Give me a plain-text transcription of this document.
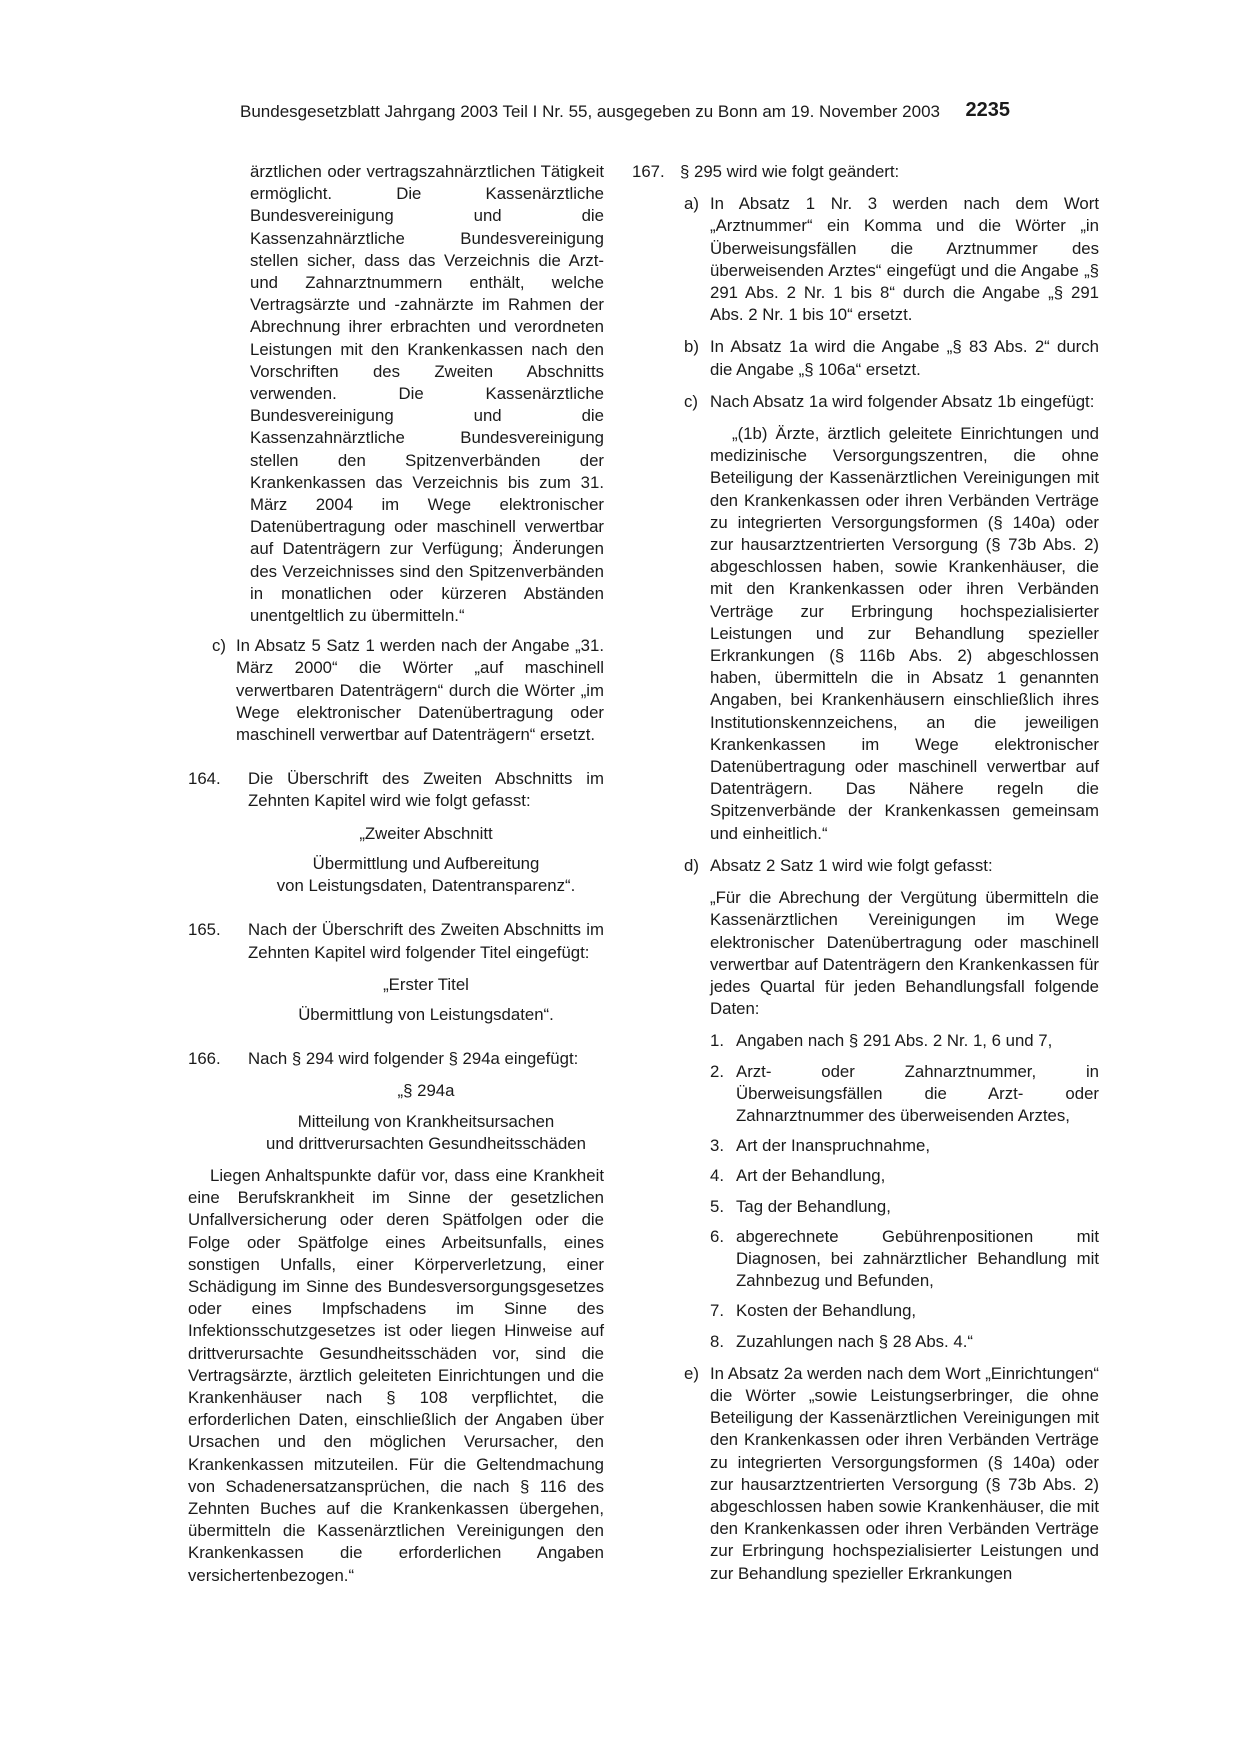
Bundesgesetzblatt Jahrgang 2003 Teil I Nr. 55, ausgegeben zu Bonn am 19. November 2003 2235

ärztlichen oder vertragszahnärztlichen Tätigkeit ermöglicht. Die Kassenärztliche Bundesvereinigung und die Kassenzahnärztliche Bundesvereinigung stellen sicher, dass das Verzeichnis die Arzt- und Zahnarztnummern enthält, welche Vertragsärzte und -zahnärzte im Rahmen der Abrechnung ihrer erbrachten und verordneten Leistungen mit den Krankenkassen nach den Vorschriften des Zweiten Abschnitts verwenden. Die Kassenärztliche Bundesvereinigung und die Kassenzahnärztliche Bundesvereinigung stellen den Spitzenverbänden der Krankenkassen das Verzeichnis bis zum 31. März 2004 im Wege elektronischer Datenübertragung oder maschinell verwertbar auf Datenträgern zur Verfügung; Änderungen des Verzeichnisses sind den Spitzenverbänden in monatlichen oder kürzeren Abständen unentgeltlich zu übermitteln.“

c) In Absatz 5 Satz 1 werden nach der Angabe „31. März 2000“ die Wörter „auf maschinell verwertbaren Datenträgern“ durch die Wörter „im Wege elektronischer Datenübertragung oder maschinell verwertbar auf Datenträgern“ ersetzt.

164. Die Überschrift des Zweiten Abschnitts im Zehnten Kapitel wird wie folgt gefasst:

„Zweiter Abschnitt

Übermittlung und Aufbereitung

von Leistungsdaten, Datentransparenz“.

165. Nach der Überschrift des Zweiten Abschnitts im Zehnten Kapitel wird folgender Titel eingefügt:

„Erster Titel

Übermittlung von Leistungsdaten“.

166. Nach § 294 wird folgender § 294a eingefügt:

„§ 294a

Mitteilung von Krankheitsursachen

und drittverursachten Gesundheitsschäden

Liegen Anhaltspunkte dafür vor, dass eine Krankheit eine Berufskrankheit im Sinne der gesetzlichen Unfallversicherung oder deren Spätfolgen oder die Folge oder Spätfolge eines Arbeitsunfalls, eines sonstigen Unfalls, einer Körperverletzung, einer Schädigung im Sinne des Bundesversorgungsgesetzes oder eines Impfschadens im Sinne des Infektionsschutzgesetzes ist oder liegen Hinweise auf drittverursachte Gesundheitsschäden vor, sind die Vertragsärzte, ärztlich geleiteten Einrichtungen und die Krankenhäuser nach § 108 verpflichtet, die erforderlichen Daten, einschließlich der Angaben über Ursachen und den möglichen Verursacher, den Krankenkassen mitzuteilen. Für die Geltendmachung von Schadenersatzansprüchen, die nach § 116 des Zehnten Buches auf die Krankenkassen übergehen, übermitteln die Kassenärztlichen Vereinigungen den Krankenkassen die erforderlichen Angaben versichertenbezogen.“

167. § 295 wird wie folgt geändert:

a) In Absatz 1 Nr. 3 werden nach dem Wort „Arztnummer“ ein Komma und die Wörter „in Überweisungsfällen die Arztnummer des überweisenden Arztes“ eingefügt und die Angabe „§ 291 Abs. 2 Nr. 1 bis 8“ durch die Angabe „§ 291 Abs. 2 Nr. 1 bis 10“ ersetzt.

b) In Absatz 1a wird die Angabe „§ 83 Abs. 2“ durch die Angabe „§ 106a“ ersetzt.

c) Nach Absatz 1a wird folgender Absatz 1b eingefügt:

„(1b) Ärzte, ärztlich geleitete Einrichtungen und medizinische Versorgungszentren, die ohne Beteiligung der Kassenärztlichen Vereinigungen mit den Krankenkassen oder ihren Verbänden Verträge zu integrierten Versorgungsformen (§ 140a) oder zur hausarztzentrierten Versorgung (§ 73b Abs. 2) abgeschlossen haben, sowie Krankenhäuser, die mit den Krankenkassen oder ihren Verbänden Verträge zur Erbringung hochspezialisierter Leistungen und zur Behandlung spezieller Erkrankungen (§ 116b Abs. 2) abgeschlossen haben, übermitteln die in Absatz 1 genannten Angaben, bei Krankenhäusern einschließlich ihres Institutionskennzeichens, an die jeweiligen Krankenkassen im Wege elektronischer Datenübertragung oder maschinell verwertbar auf Datenträgern. Das Nähere regeln die Spitzenverbände der Krankenkassen gemeinsam und einheitlich.“

d) Absatz 2 Satz 1 wird wie folgt gefasst:

„Für die Abrechung der Vergütung übermitteln die Kassenärztlichen Vereinigungen im Wege elektronischer Datenübertragung oder maschinell verwertbar auf Datenträgern den Krankenkassen für jedes Quartal für jeden Behandlungsfall folgende Daten:

1. Angaben nach § 291 Abs. 2 Nr. 1, 6 und 7,

2. Arzt- oder Zahnarztnummer, in Überweisungsfällen die Arzt- oder Zahnarztnummer des überweisenden Arztes,

3. Art der Inanspruchnahme,

4. Art der Behandlung,

5. Tag der Behandlung,

6. abgerechnete Gebührenpositionen mit Diagnosen, bei zahnärztlicher Behandlung mit Zahnbezug und Befunden,

7. Kosten der Behandlung,

8. Zuzahlungen nach § 28 Abs. 4.“

e) In Absatz 2a werden nach dem Wort „Einrichtungen“ die Wörter „sowie Leistungserbringer, die ohne Beteiligung der Kassenärztlichen Vereinigungen mit den Krankenkassen oder ihren Verbänden Verträge zu integrierten Versorgungsformen (§ 140a) oder zur hausarztzentrierten Versorgung (§ 73b Abs. 2) abgeschlossen haben sowie Krankenhäuser, die mit den Krankenkassen oder ihren Verbänden Verträge zur Erbringung hochspezialisierter Leistungen und zur Behandlung spezieller Erkrankungen
